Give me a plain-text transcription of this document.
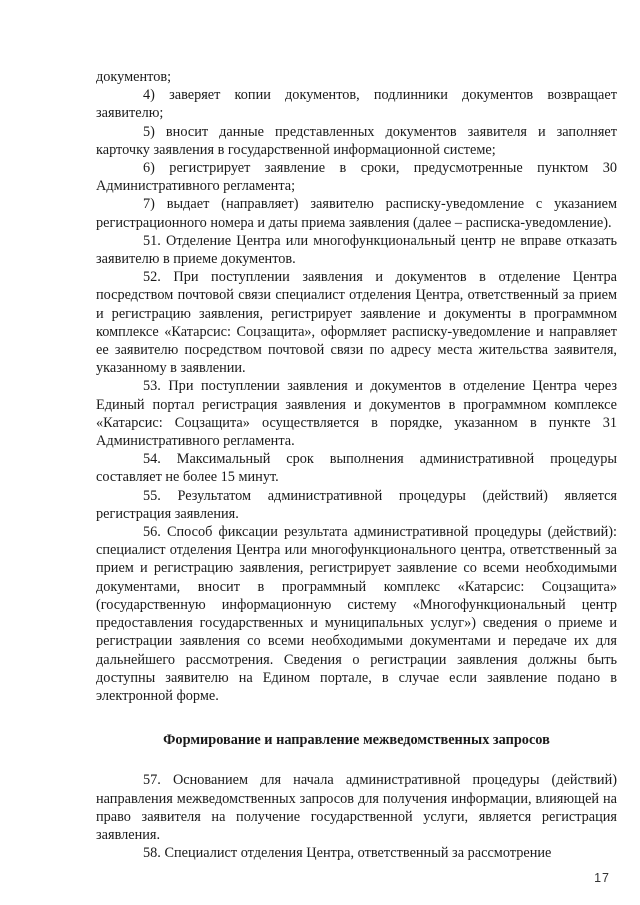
документов;

4) заверяет копии документов, подлинники документов возвращает заявителю;

5) вносит данные представленных документов заявителя и заполняет карточку заявления в государственной информационной системе;

6) регистрирует заявление в сроки, предусмотренные пунктом 30 Административного регламента;

7) выдает (направляет) заявителю расписку-уведомление с указанием регистрационного номера и даты приема заявления (далее – расписка-уведомление).

51. Отделение Центра или многофункциональный центр не вправе отказать заявителю в приеме документов.

52. При поступлении заявления и документов в отделение Центра посредством почтовой связи специалист отделения Центра, ответственный за прием и регистрацию заявления, регистрирует заявление и документы в программном комплексе «Катарсис: Соцзащита», оформляет расписку-уведомление и направляет ее заявителю посредством почтовой связи по адресу места жительства заявителя, указанному в заявлении.

53. При поступлении заявления и документов в отделение Центра через Единый портал регистрация заявления и документов в программном комплексе «Катарсис: Соцзащита» осуществляется в порядке, указанном в пункте 31 Административного регламента.

54. Максимальный срок выполнения административной процедуры составляет не более 15 минут.

55. Результатом административной процедуры (действий) является регистрация заявления.

56. Способ фиксации результата административной процедуры (действий): специалист отделения Центра или многофункционального центра, ответственный за прием и регистрацию заявления, регистрирует заявление со всеми необходимыми документами, вносит в программный комплекс «Катарсис: Соцзащита» (государственную информационную систему «Многофункциональный центр предоставления государственных и муниципальных услуг») сведения о приеме и регистрации заявления со всеми необходимыми документами и передаче их для дальнейшего рассмотрения. Сведения о регистрации заявления должны быть доступны заявителю на Едином портале, в случае если заявление подано в электронной форме.

Формирование и направление межведомственных запросов

57. Основанием для начала административной процедуры (действий) направления межведомственных запросов для получения информации, влияющей на право заявителя на получение государственной услуги, является регистрация заявления.

58. Специалист отделения Центра, ответственный за рассмотрение

17
